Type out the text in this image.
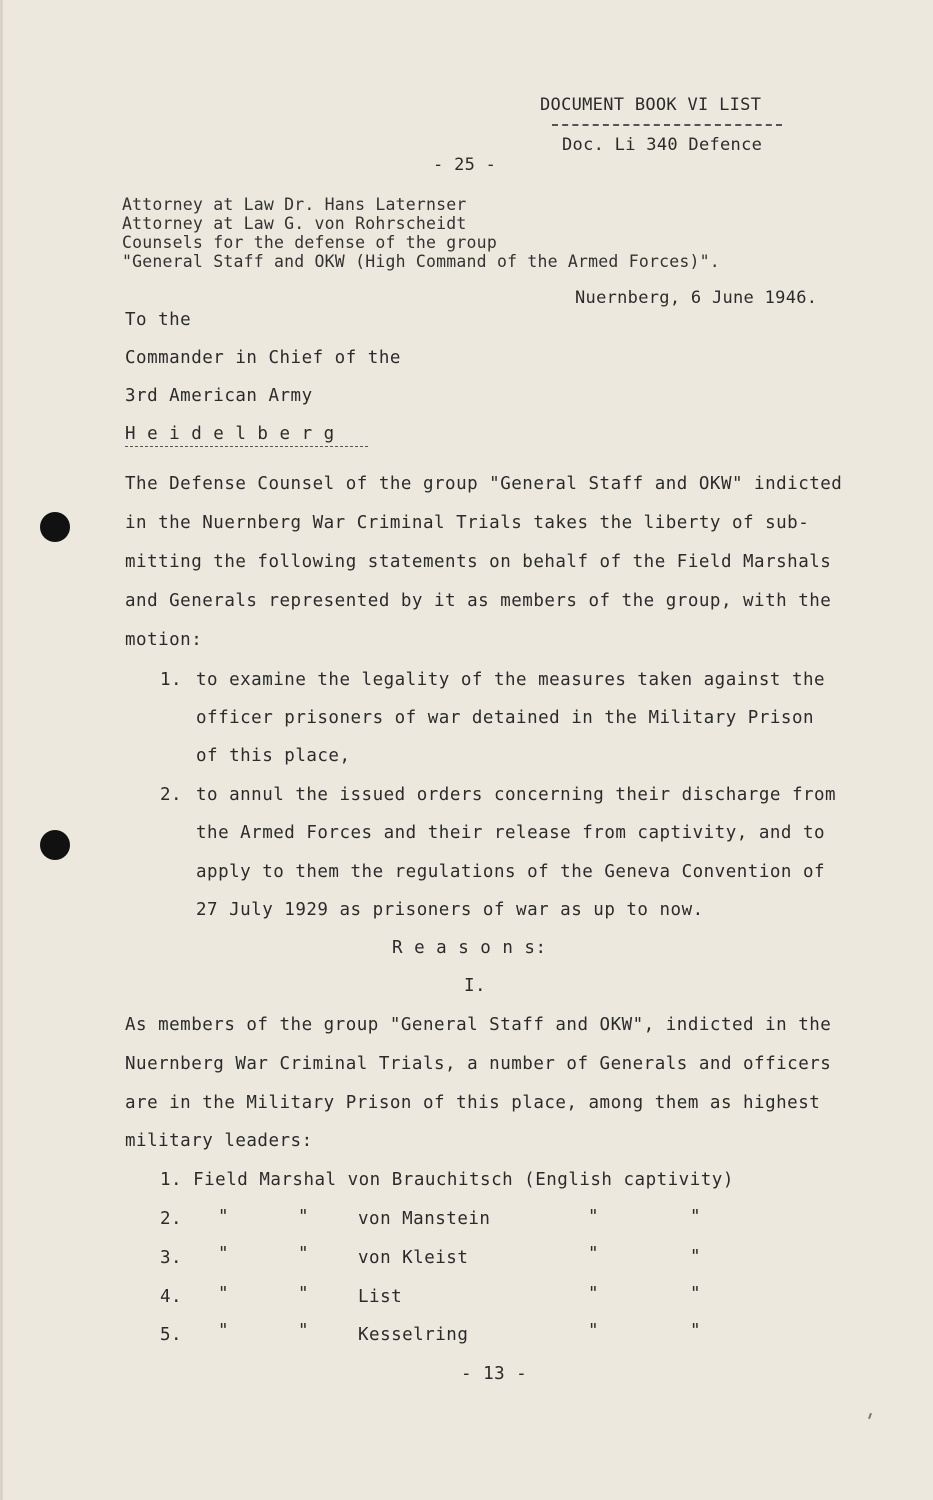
DOCUMENT BOOK VI LIST
Doc. Li 340 Defence
- 25 -
Attorney at Law Dr. Hans Laternser
Attorney at Law G. von Rohrscheidt
Counsels for the defense of the group
"General Staff and OKW (High Command of the Armed Forces)".
Nuernberg, 6 June 1946.
To the
Commander in Chief of the
3rd American Army
H e i d e l b e r g
The Defense Counsel of the group "General Staff and OKW" indicted
in the Nuernberg War Criminal Trials takes the liberty of sub-
mitting the following statements on behalf of the Field Marshals
and Generals represented by it as members of the group, with the
motion:
1. to examine the legality of the measures taken against the
officer prisoners of war detained in the Military Prison
of this place,
2. to annul the issued orders concerning their discharge from
the Armed Forces and their release from captivity, and to
apply to them the regulations of the Geneva Convention of
27 July 1929 as prisoners of war as up to now.
R e a s o n s:
I.
As members of the group "General Staff and OKW", indicted in the
Nuernberg War Criminal Trials, a number of Generals and officers
are in the Military Prison of this place, among them as highest
military leaders:
1. Field Marshal von Brauchitsch (English captivity)
2. "	"	von Manstein	"	"
3. "	"	von Kleist	"	"
4. "	"	List	"	"
5. "	"	Kesselring	"	"
- 13 -
